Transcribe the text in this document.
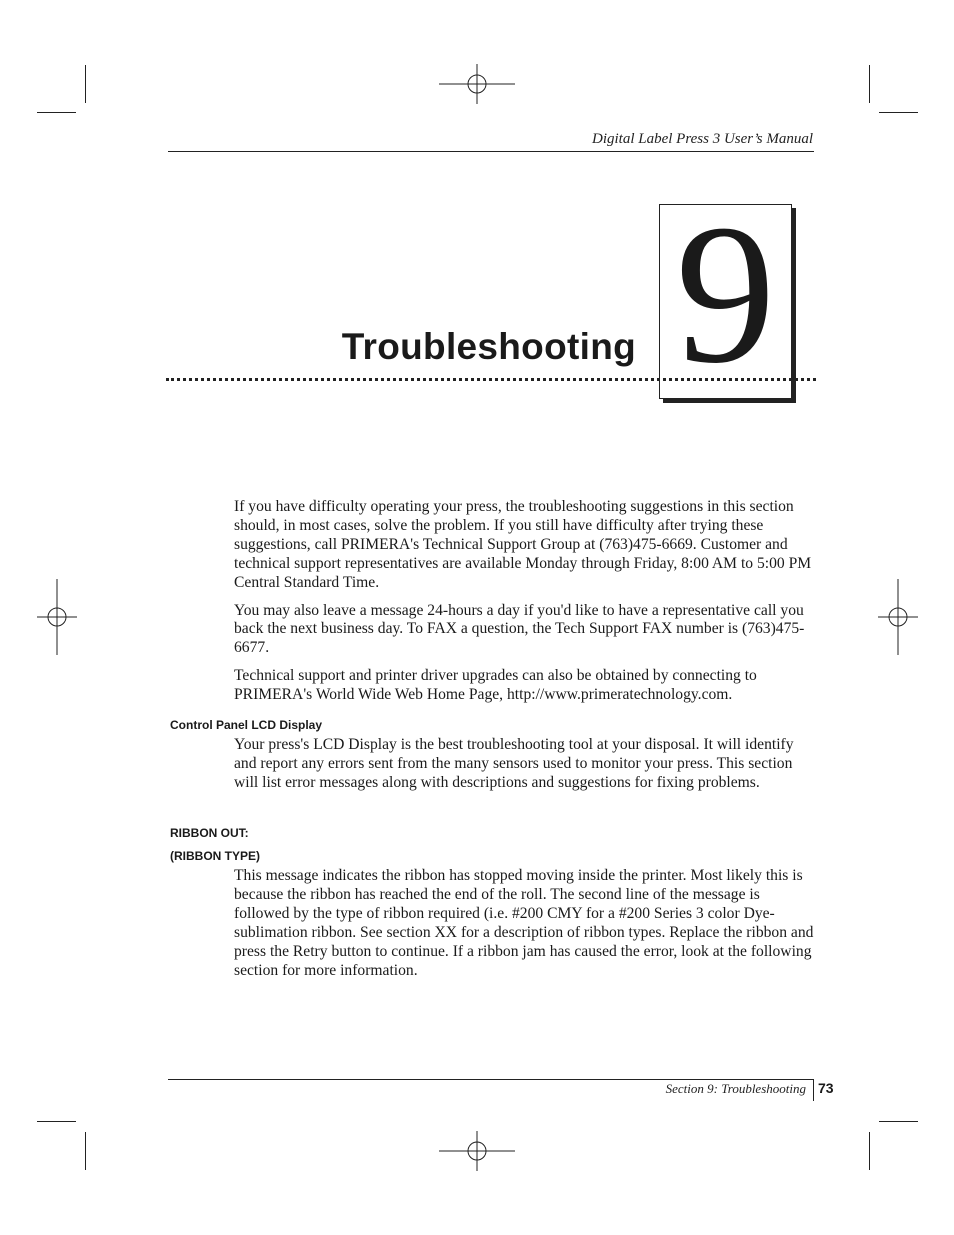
Digital Label Press 3 User’s Manual
9
Troubleshooting

If you have difficulty operating your press, the troubleshooting suggestions in this section should, in most cases, solve the problem. If you still have difficulty after trying these suggestions, call PRIMERA's Technical Support Group at (763)475-6669. Customer and technical support representatives are available Monday through Friday, 8:00 AM to 5:00 PM Central Standard Time.

You may also leave a message 24-hours a day if you'd like to have a representative call you back the next business day. To FAX a question, the Tech Support FAX number is (763)475-6677.

Technical support and printer driver upgrades can also be obtained by connecting to PRIMERA's World Wide Web Home Page, http://www.primeratechnology.com.

Control Panel LCD Display

Your press's LCD Display is the best troubleshooting tool at your disposal. It will identify and report any errors sent from the many sensors used to monitor your press. This section will list error messages along with descriptions and suggestions for fixing problems.

RIBBON OUT:
(RIBBON TYPE)

This message indicates the ribbon has stopped moving inside the printer. Most likely this is because the ribbon has reached the end of the roll. The second line of the message is followed by the type of ribbon required (i.e. #200 CMY for a #200 Series 3 color Dye-sublimation ribbon. See section XX for a description of ribbon types. Replace the ribbon and press the Retry button to continue. If a ribbon jam has caused the error, look at the following section for more information.

Section 9: Troubleshooting 73
